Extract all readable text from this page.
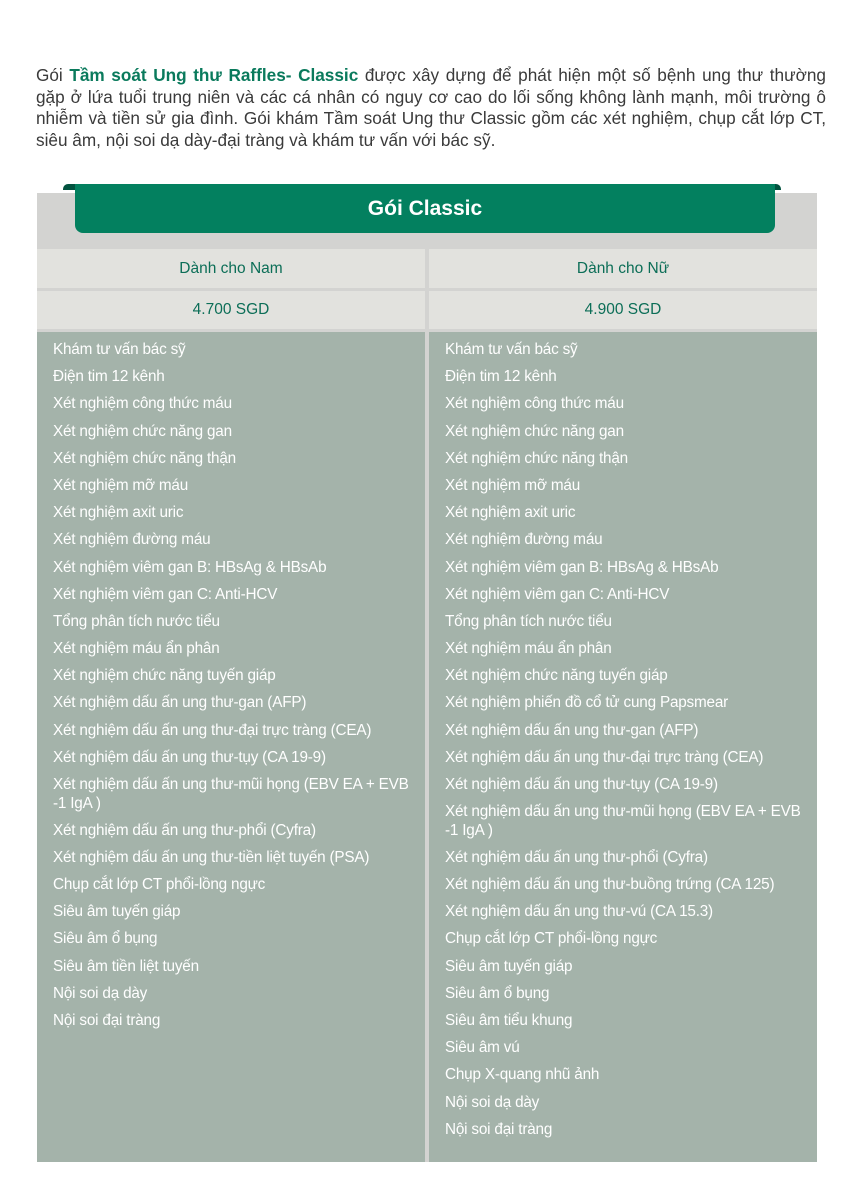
Gói Tầm soát Ung thư Raffles- Classic được xây dựng để phát hiện một số bệnh ung thư thường gặp ở lứa tuổi trung niên và các cá nhân có nguy cơ cao do lối sống không lành mạnh, môi trường ô nhiễm và tiền sử gia đình. Gói khám Tầm soát Ung thư Classic gồm các xét nghiệm, chụp cắt lớp CT, siêu âm, nội soi dạ dày-đại tràng và khám tư vấn với bác sỹ.

Gói Classic
Dành cho Nam	Dành cho Nữ
4.700 SGD	4.900 SGD
Khám tư vấn bác sỹ
Điện tim 12 kênh
Xét nghiệm công thức máu
Xét nghiệm chức năng gan
Xét nghiệm chức năng thận
Xét nghiệm mỡ máu
Xét nghiệm axit uric
Xét nghiệm đường máu
Xét nghiệm viêm gan B: HBsAg & HBsAb
Xét nghiệm viêm gan C: Anti-HCV
Tổng phân tích nước tiểu
Xét nghiệm máu ẩn phân
Xét nghiệm chức năng tuyến giáp
Xét nghiệm dấu ấn ung thư-gan (AFP)
Xét nghiệm dấu ấn ung thư-đại trực tràng (CEA)
Xét nghiệm dấu ấn ung thư-tụy (CA 19-9)
Xét nghiệm dấu ấn ung thư-mũi họng (EBV EA + EVB -1 IgA )
Xét nghiệm dấu ấn ung thư-phổi (Cyfra)
Xét nghiệm dấu ấn ung thư-tiền liệt tuyến (PSA)
Chụp cắt lớp CT phổi-lồng ngực
Siêu âm tuyến giáp
Siêu âm ổ bụng
Siêu âm tiền liệt tuyến
Nội soi dạ dày
Nội soi đại tràng
Khám tư vấn bác sỹ
Điện tim 12 kênh
Xét nghiệm công thức máu
Xét nghiệm chức năng gan
Xét nghiệm chức năng thận
Xét nghiệm mỡ máu
Xét nghiệm axit uric
Xét nghiệm đường máu
Xét nghiệm viêm gan B: HBsAg & HBsAb
Xét nghiệm viêm gan C: Anti-HCV
Tổng phân tích nước tiểu
Xét nghiệm máu ẩn phân
Xét nghiệm chức năng tuyến giáp
Xét nghiệm phiến đồ cổ tử cung Papsmear
Xét nghiệm dấu ấn ung thư-gan (AFP)
Xét nghiệm dấu ấn ung thư-đại trực tràng (CEA)
Xét nghiệm dấu ấn ung thư-tụy (CA 19-9)
Xét nghiệm dấu ấn ung thư-mũi họng (EBV EA + EVB -1 IgA )
Xét nghiệm dấu ấn ung thư-phổi (Cyfra)
Xét nghiệm dấu ấn ung thư-buồng trứng (CA 125)
Xét nghiệm dấu ấn ung thư-vú (CA 15.3)
Chụp cắt lớp CT phổi-lồng ngực
Siêu âm tuyến giáp
Siêu âm ổ bụng
Siêu âm tiểu khung
Siêu âm vú
Chụp X-quang nhũ ảnh
Nội soi dạ dày
Nội soi đại tràng
